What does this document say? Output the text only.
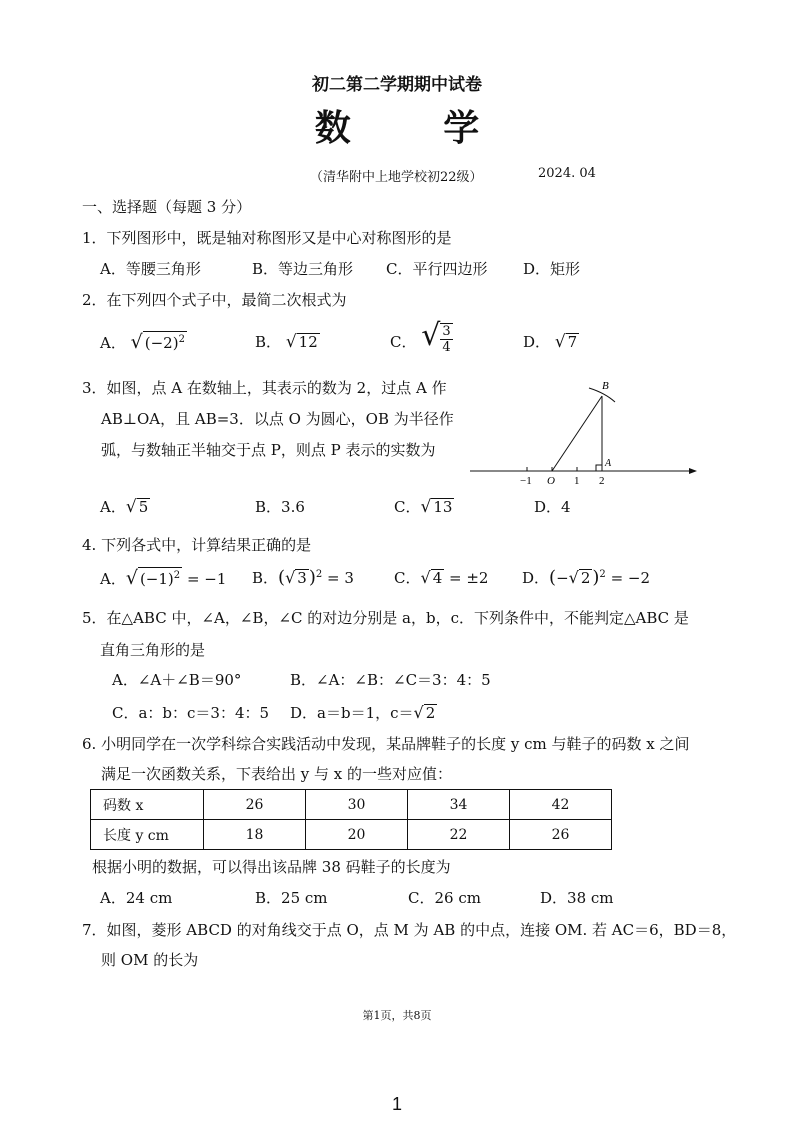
初二第二学期期中试卷
数 学
（清华附中上地学校初22级）	2024. 04
一、选择题（每题 3 分）
1．下列图形中，既是轴对称图形又是中心对称图形的是
A．等腰三角形	B．等边三角形 C．平行四边形 D．矩形
2．在下列四个式子中，最简二次根式为
A． √ $(-2)^2$	B． √ 12	C． √ $\frac{3}{4}$	D． √ 7
3．如图，点 A 在数轴上，其表示的数为 2，过点 A 作
AB⊥OA，且 AB=3．以点 O 为圆心，OB 为半径作
弧，与数轴正半轴交于点 P，则点 P 表示的实数为
B
A
−1 O 1 2
A．√ 5	B．3.6	C．√ 13	D．4
4. 下列各式中，计算结果正确的是
A．√ $(-1)^2 = -1$ B．(√ 3 )$^2$ = 3	C．√ 4 = ±2 D．(−√ 2 )$^2$ = −2
5．在△ABC 中，∠A，∠B，∠C 的对边分别是 a，b，c．下列条件中，不能判定△ABC 是
直角三角形的是
A．∠A＋∠B＝90°	B．∠A：∠B：∠C＝3：4：5
C．a：b：c＝3：4：5 D．a＝b＝1，c＝√ 2
6. 小明同学在一次学科综合实践活动中发现，某品牌鞋子的长度 y cm 与鞋子的码数 x 之间
满足一次函数关系，下表给出 y 与 x 的一些对应值：
码数 x	26	30	34	42
长度 y cm	18	20	22	26
根据小明的数据，可以得出该品牌 38 码鞋子的长度为
A．24 cm	B．25 cm	C．26 cm	D．38 cm
7．如图，菱形 ABCD 的对角线交于点 O，点 M 为 AB 的中点，连接 OM. 若 AC＝6，BD＝8，
则 OM 的长为
第1页，共8页
1
